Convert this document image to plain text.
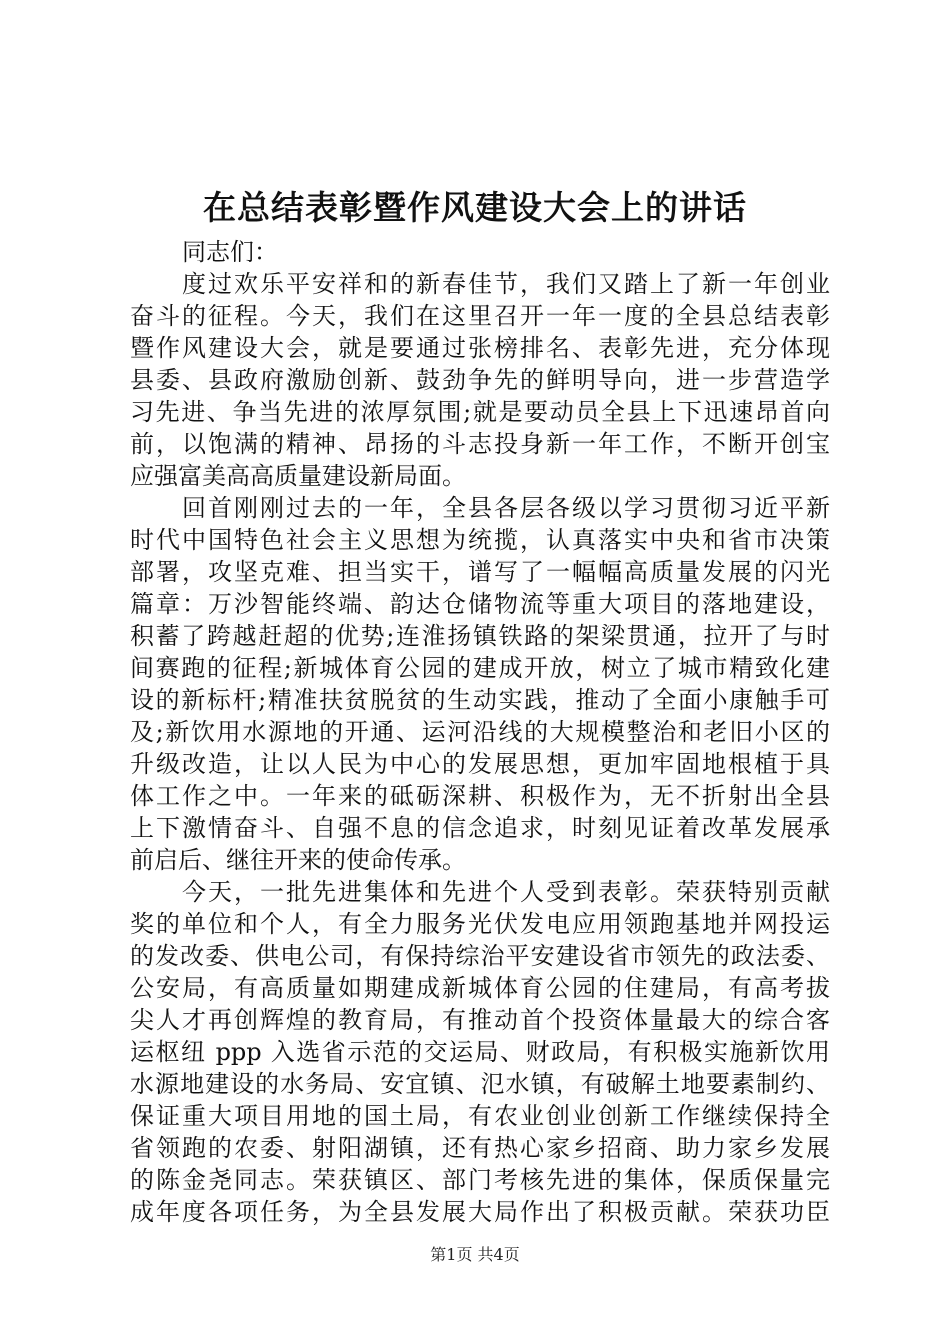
在总结表彰暨作风建设大会上的讲话

同志们：

度过欢乐平安祥和的新春佳节，我们又踏上了新一年创业
奋斗的征程。今天，我们在这里召开一年一度的全县总结表彰
暨作风建设大会，就是要通过张榜排名、表彰先进，充分体现
县委、县政府激励创新、鼓劲争先的鲜明导向，进一步营造学
习先进、争当先进的浓厚氛围;就是要动员全县上下迅速昂首向
前，以饱满的精神、昂扬的斗志投身新一年工作，不断开创宝
应强富美高高质量建设新局面。

回首刚刚过去的一年，全县各层各级以学习贯彻习近平新
时代中国特色社会主义思想为统揽，认真落实中央和省市决策
部署，攻坚克难、担当实干，谱写了一幅幅高质量发展的闪光
篇章：万沙智能终端、韵达仓储物流等重大项目的落地建设，
积蓄了跨越赶超的优势;连淮扬镇铁路的架梁贯通，拉开了与时
间赛跑的征程;新城体育公园的建成开放，树立了城市精致化建
设的新标杆;精准扶贫脱贫的生动实践，推动了全面小康触手可
及;新饮用水源地的开通、运河沿线的大规模整治和老旧小区的
升级改造，让以人民为中心的发展思想，更加牢固地根植于具
体工作之中。一年来的砥砺深耕、积极作为，无不折射出全县
上下激情奋斗、自强不息的信念追求，时刻见证着改革发展承
前启后、继往开来的使命传承。

今天，一批先进集体和先进个人受到表彰。荣获特别贡献
奖的单位和个人，有全力服务光伏发电应用领跑基地并网投运
的发改委、供电公司，有保持综治平安建设省市领先的政法委、
公安局，有高质量如期建成新城体育公园的住建局，有高考拔
尖人才再创辉煌的教育局，有推动首个投资体量最大的综合客
运枢纽 ppp 入选省示范的交运局、财政局，有积极实施新饮用
水源地建设的水务局、安宜镇、氾水镇，有破解土地要素制约、
保证重大项目用地的国土局，有农业创业创新工作继续保持全
省领跑的农委、射阳湖镇，还有热心家乡招商、助力家乡发展
的陈金尧同志。荣获镇区、部门考核先进的集体，保质保量完
成年度各项任务，为全县发展大局作出了积极贡献。荣获功臣

第1页 共4页
